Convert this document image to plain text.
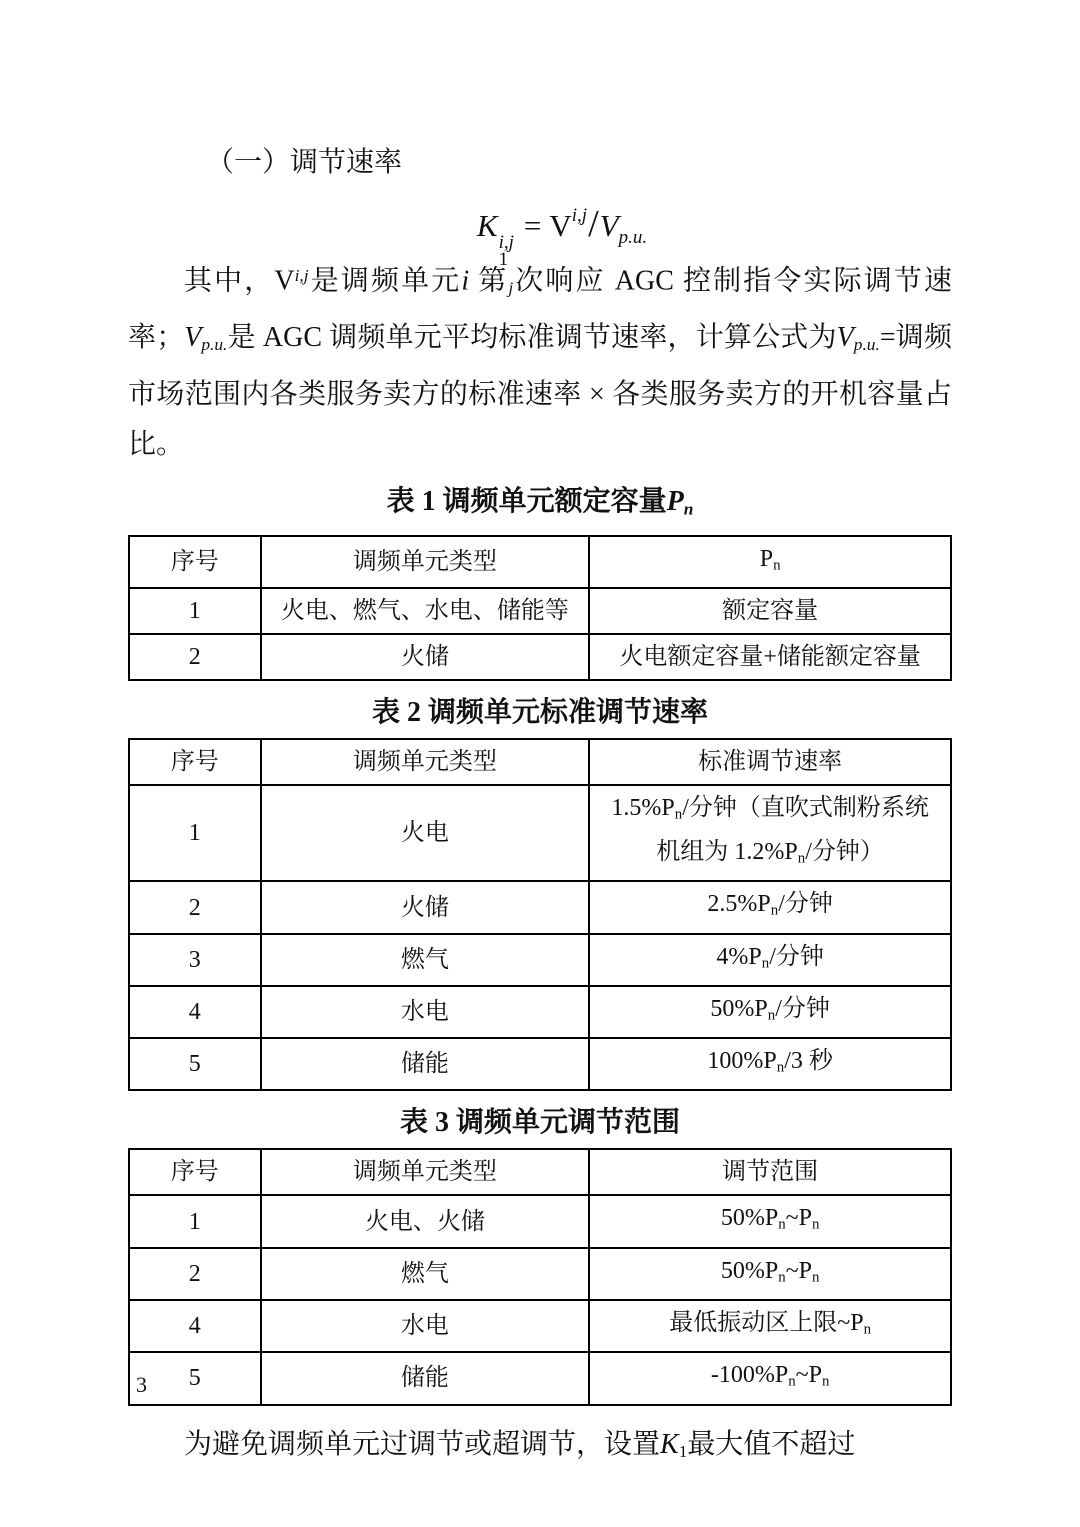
（一）调节速率

K i,j
1
= $V^{i,j}/V_{p.u.}$

其中，V$^{i,j}$是调频单元i 第j次响应 AGC 控制指令实际调节速率；Vp.u.是 AGC 调频单元平均标准调节速率，计算公式为Vp.u.=调频市场范围内各类服务卖方的标准速率 × 各类服务卖方的开机容量占比。

表 1 调频单元额定容量Pn
序号	调频单元类型	Pn
1	火电、燃气、水电、储能等	额定容量
2	火储	火电额定容量+储能额定容量
表 2 调频单元标准调节速率
序号	调频单元类型	标准调节速率
1	火电	1.5%Pn/分钟（直吹式制粉系统机组为 1.2%Pn/分钟）
2	火储	2.5%Pn/分钟
3	燃气	4%Pn/分钟
4	水电	50%Pn/分钟
5	储能	100%Pn/3 秒
表 3 调频单元调节范围
序号	调频单元类型	调节范围
1	火电、火储	50%Pn~Pn
2	燃气	50%Pn~Pn
4	水电	最低振动区上限~Pn
5	储能	-100%Pn~Pn

为避免调频单元过调节或超调节，设置K1最大值不超过

3
